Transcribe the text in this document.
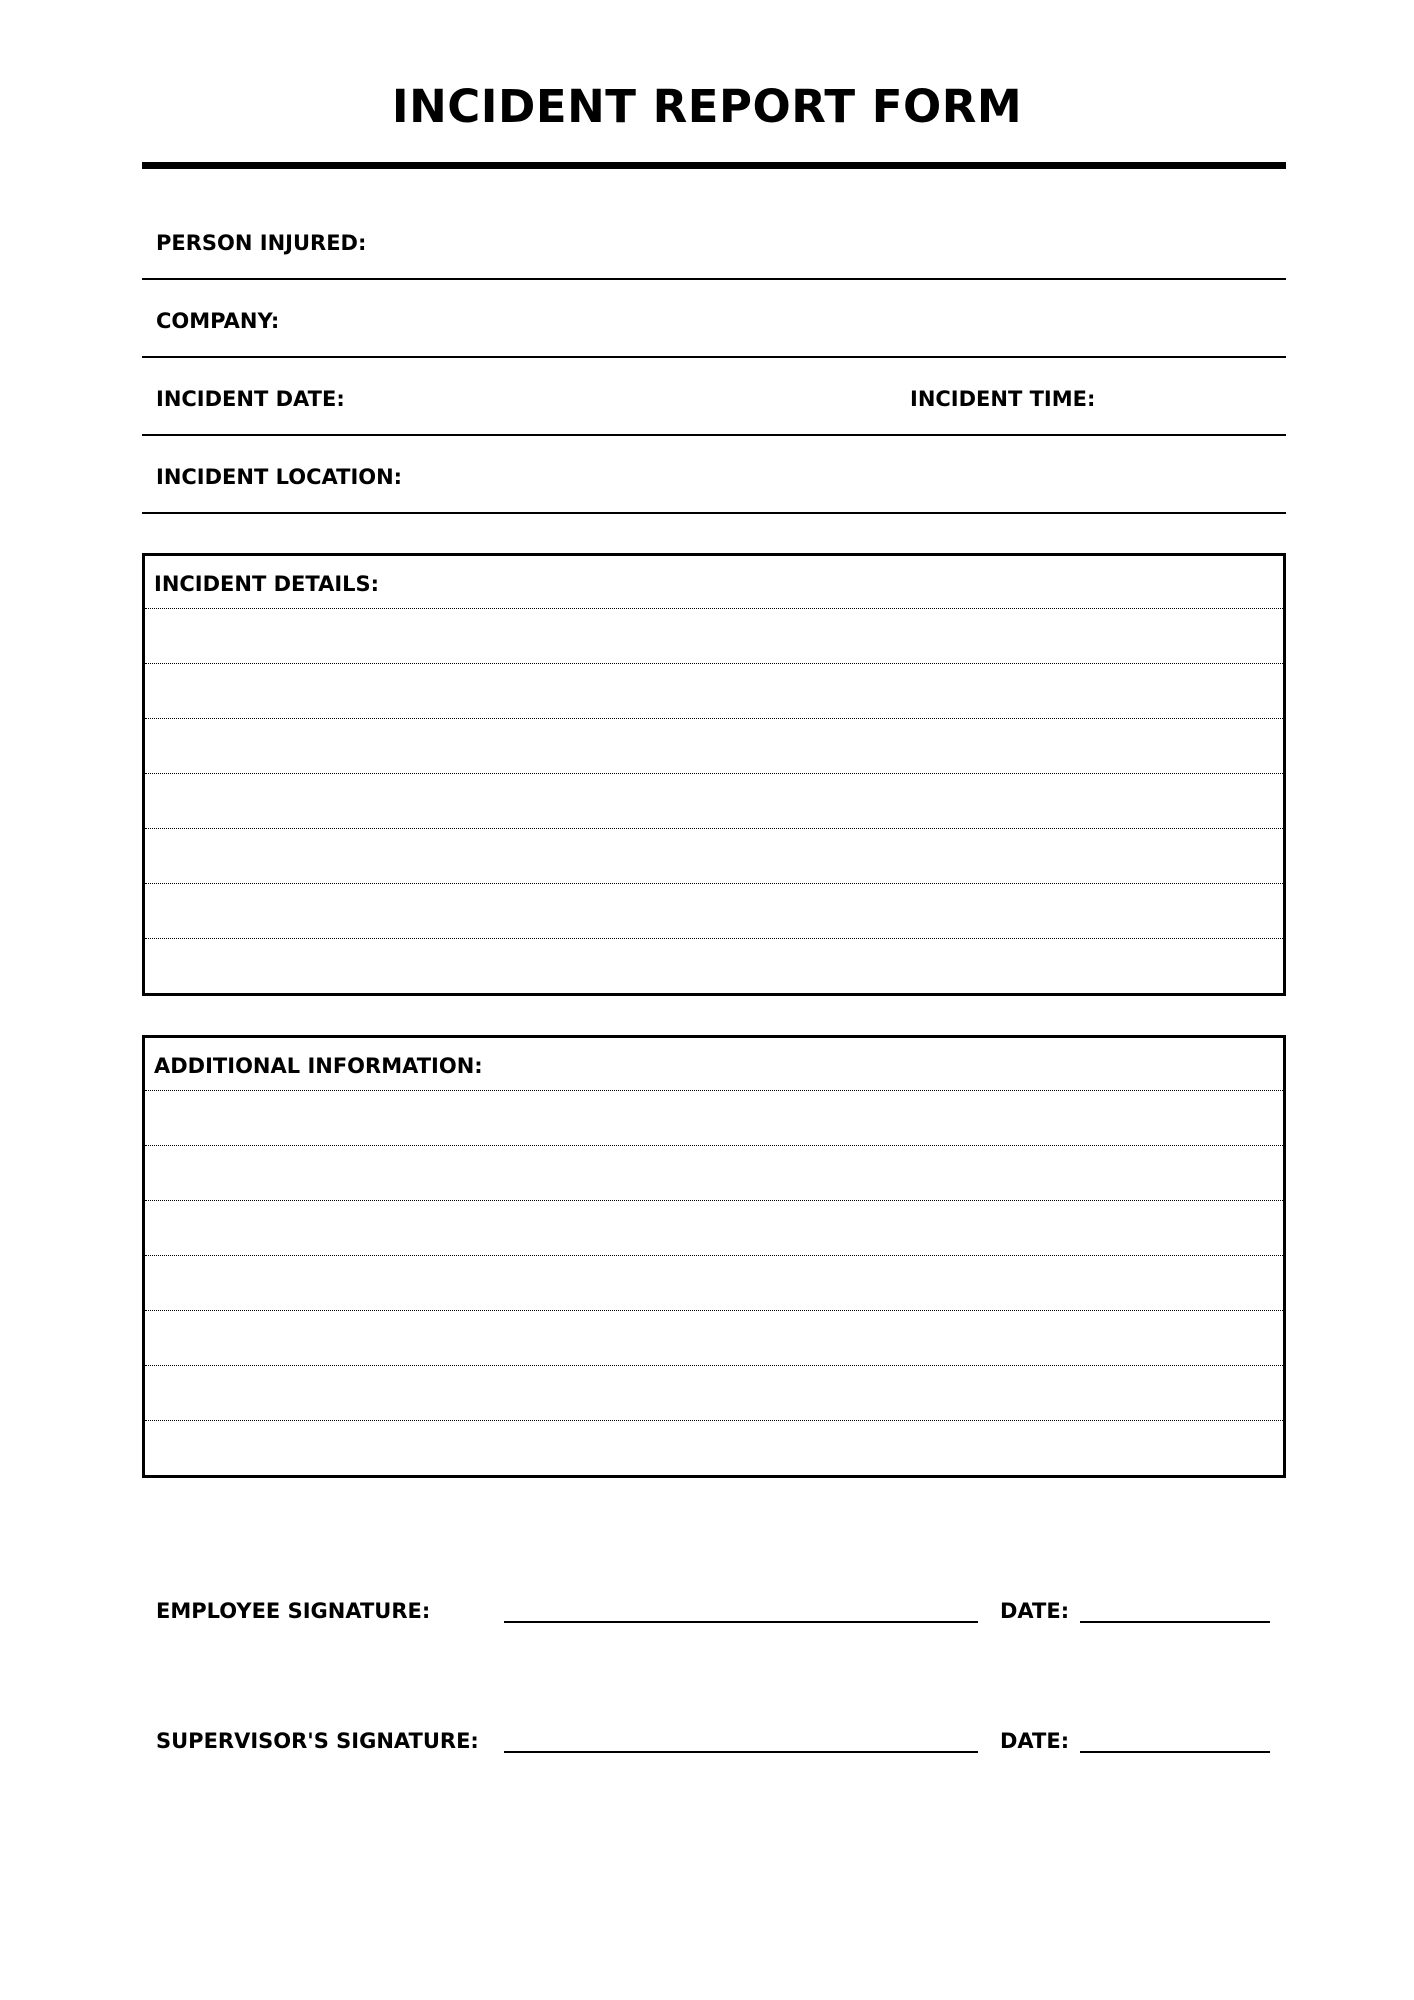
INCIDENT REPORT FORM
PERSON INJURED:
COMPANY:
INCIDENT DATE:	INCIDENT TIME:
INCIDENT LOCATION:
INCIDENT DETAILS:
ADDITIONAL INFORMATION:
EMPLOYEE SIGNATURE:	DATE:
SUPERVISOR'S SIGNATURE:	DATE:
